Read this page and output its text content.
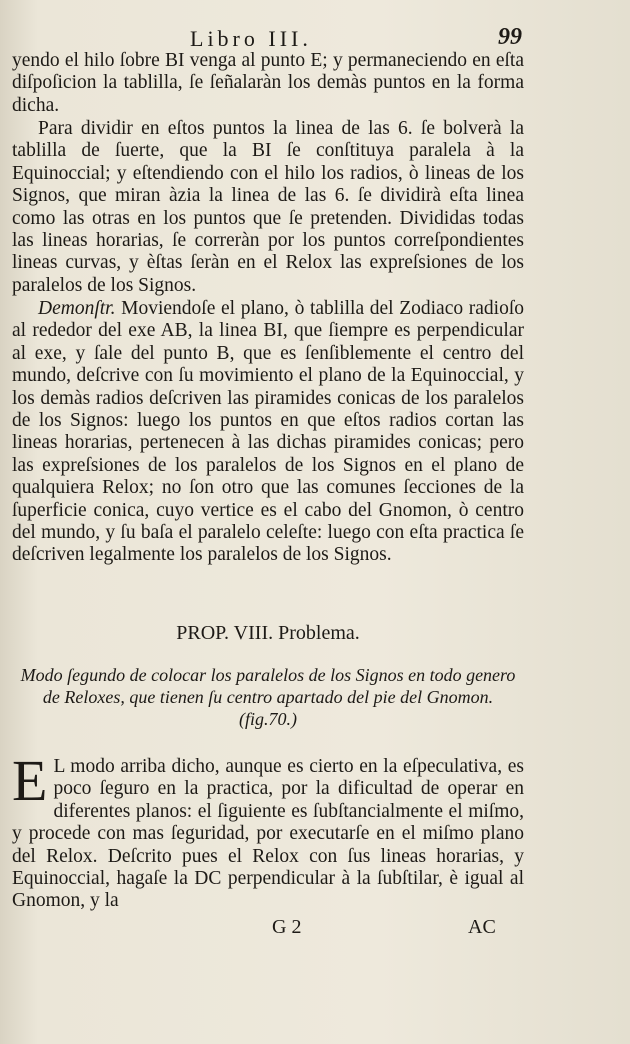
Libro III.	99
yendo el hilo ſobre BI venga al punto E; y permaneciendo en eſta diſpoſicion la tablilla, ſe ſeñalaràn los demàs puntos en la forma dicha.
Para dividir en eſtos puntos la linea de las 6. ſe bolverà la tablilla de ſuerte, que la BI ſe conſtituya paralela à la Equinoccial; y eſtendiendo con el hilo los radios, ò lineas de los Signos, que miran àzia la linea de las 6. ſe dividirà eſta linea como las otras en los puntos que ſe pretenden. Divididas todas las lineas horarias, ſe correràn por los puntos correſpondientes lineas curvas, y èſtas ſeràn en el Relox las expreſsiones de los paralelos de los Signos.
Demonſtr. Moviendoſe el plano, ò tablilla del Zodiaco radioſo al rededor del exe AB, la linea BI, que ſiempre es perpendicular al exe, y ſale del punto B, que es ſenſiblemente el centro del mundo, deſcrive con ſu movimiento el plano de la Equinoccial, y los demàs radios deſcriven las piramides conicas de los paralelos de los Signos: luego los puntos en que eſtos radios cortan las lineas horarias, pertenecen à las dichas piramides conicas; pero las expreſsiones de los paralelos de los Signos en el plano de qualquiera Relox; no ſon otro que las comunes ſecciones de la ſuperficie conica, cuyo vertice es el cabo del Gnomon, ò centro del mundo, y ſu baſa el paralelo celeſte: luego con eſta practica ſe deſcriven legalmente los paralelos de los Signos.
PROP. VIII. Problema.
Modo ſegundo de colocar los paralelos de los Signos en todo genero de Reloxes, que tienen ſu centro apartado del pie del Gnomon. (fig.70.)
E L modo arriba dicho, aunque es cierto en la eſpeculativa, es poco ſeguro en la practica, por la dificultad de operar en diferentes planos: el ſiguiente es ſubſtancialmente el miſmo, y procede con mas ſeguridad, por executarſe en el miſmo plano del Relox. Deſcrito pues el Relox con ſus lineas horarias, y Equinoccial, hagaſe la DC perpendicular à la ſubſtilar, è igual al Gnomon, y la
G 2	AC
